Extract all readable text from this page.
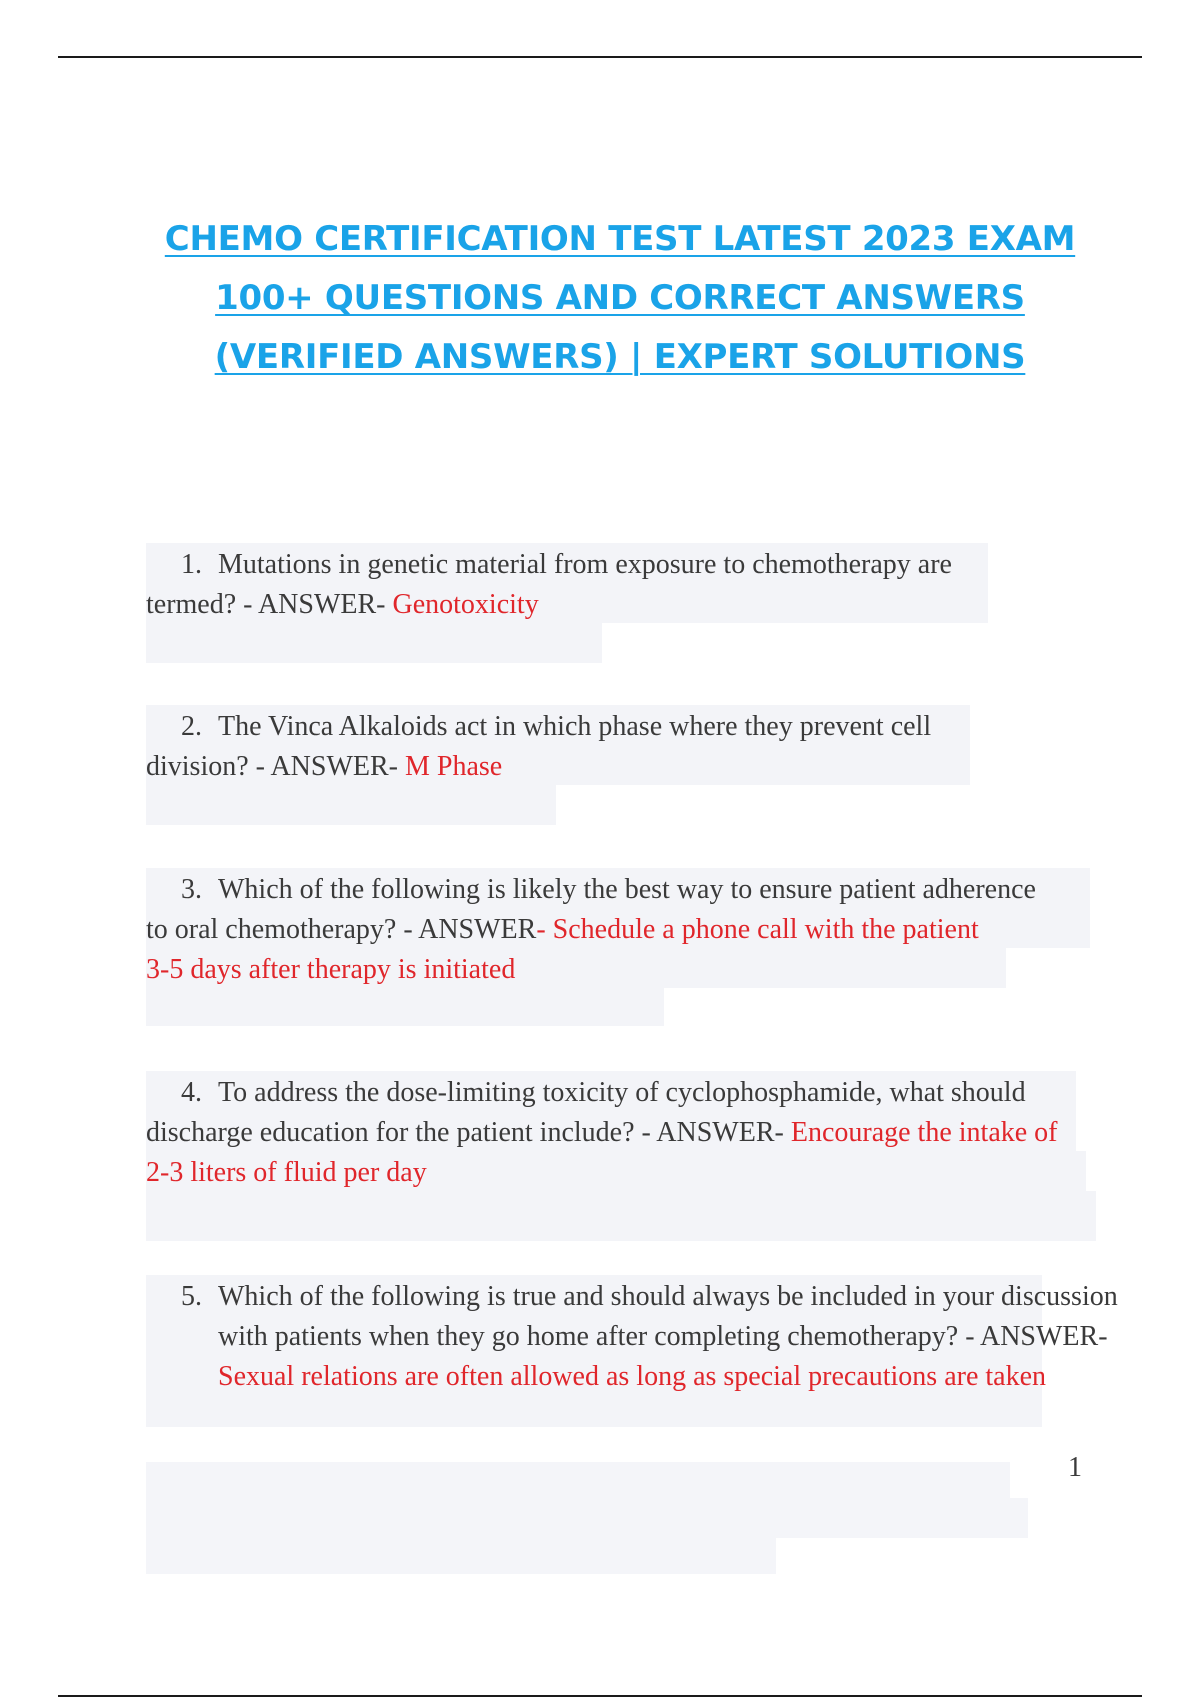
CHEMO CERTIFICATION TEST LATEST 2023 EXAM
100+ QUESTIONS AND CORRECT ANSWERS
(VERIFIED ANSWERS) | EXPERT SOLUTIONS
1. Mutations in genetic material from exposure to chemotherapy are
termed? - ANSWER- Genotoxicity
2. The Vinca Alkaloids act in which phase where they prevent cell
division? - ANSWER- M Phase
3. Which of the following is likely the best way to ensure patient adherence
to oral chemotherapy? - ANSWER- Schedule a phone call with the patient 3-5 days after therapy is initiated
4. To address the dose-limiting toxicity of cyclophosphamide, what should
discharge education for the patient include? - ANSWER- Encourage the intake of 2-3 liters of fluid per day
5. Which of the following is true and should always be included in your discussion with patients when they go home after completing chemotherapy? - ANSWER- Sexual relations are often allowed as long as special precautions are taken
1
